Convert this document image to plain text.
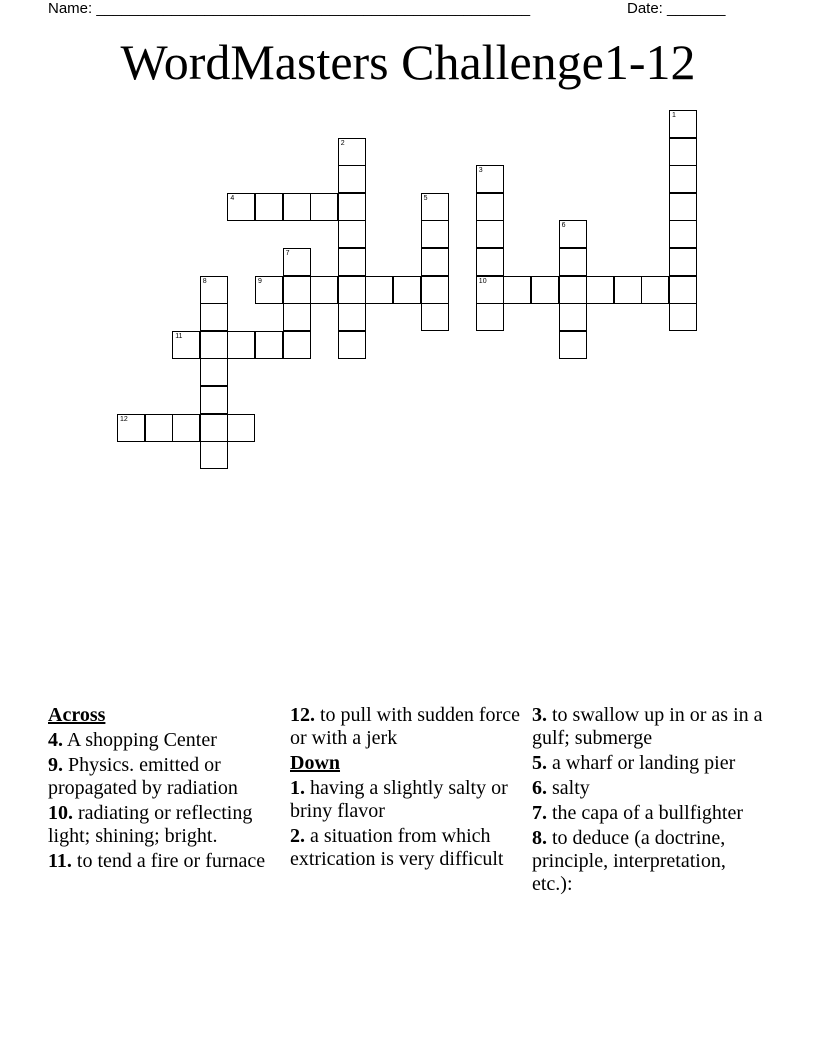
Name: ____________________________________________________

	Date: _______

WordMasters Challenge1-12
1
2
3
10
4	5
6
7
8	9
11
12

Across

4. A shopping Center

9. Physics. emitted or propagated by radiation

10. radiating or reflecting light; shining; bright.

11. to tend a fire or furnace

12. to pull with sudden force or with a jerk

Down

1. having a slightly salty or briny flavor

2. a situation from which extrication is very difficult

3. to swallow up in or as in a gulf; submerge

5. a wharf or landing pier

6. salty

7. the capa of a bullfighter

8. to deduce (a doctrine, principle, interpretation, etc.):
